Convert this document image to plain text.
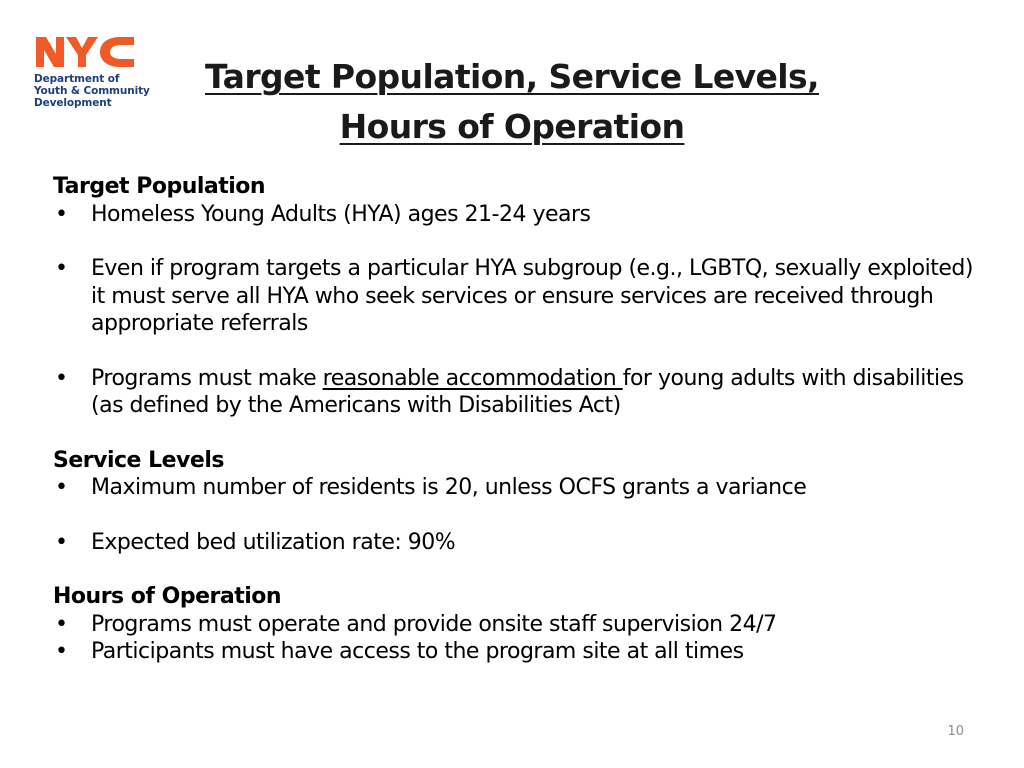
Department of
Youth & Community
Development
Target Population, Service Levels,
Hours of Operation
Target Population
• Homeless Young Adults (HYA) ages 21-24 years
• Even if program targets a particular HYA subgroup (e.g., LGBTQ, sexually exploited) it must serve all HYA who seek services or ensure services are received through appropriate referrals
• Programs must make reasonable accommodation for young adults with disabilities (as defined by the Americans with Disabilities Act)
Service Levels
• Maximum number of residents is 20, unless OCFS grants a variance
• Expected bed utilization rate: 90%
Hours of Operation
• Programs must operate and provide onsite staff supervision 24/7
• Participants must have access to the program site at all times
10
